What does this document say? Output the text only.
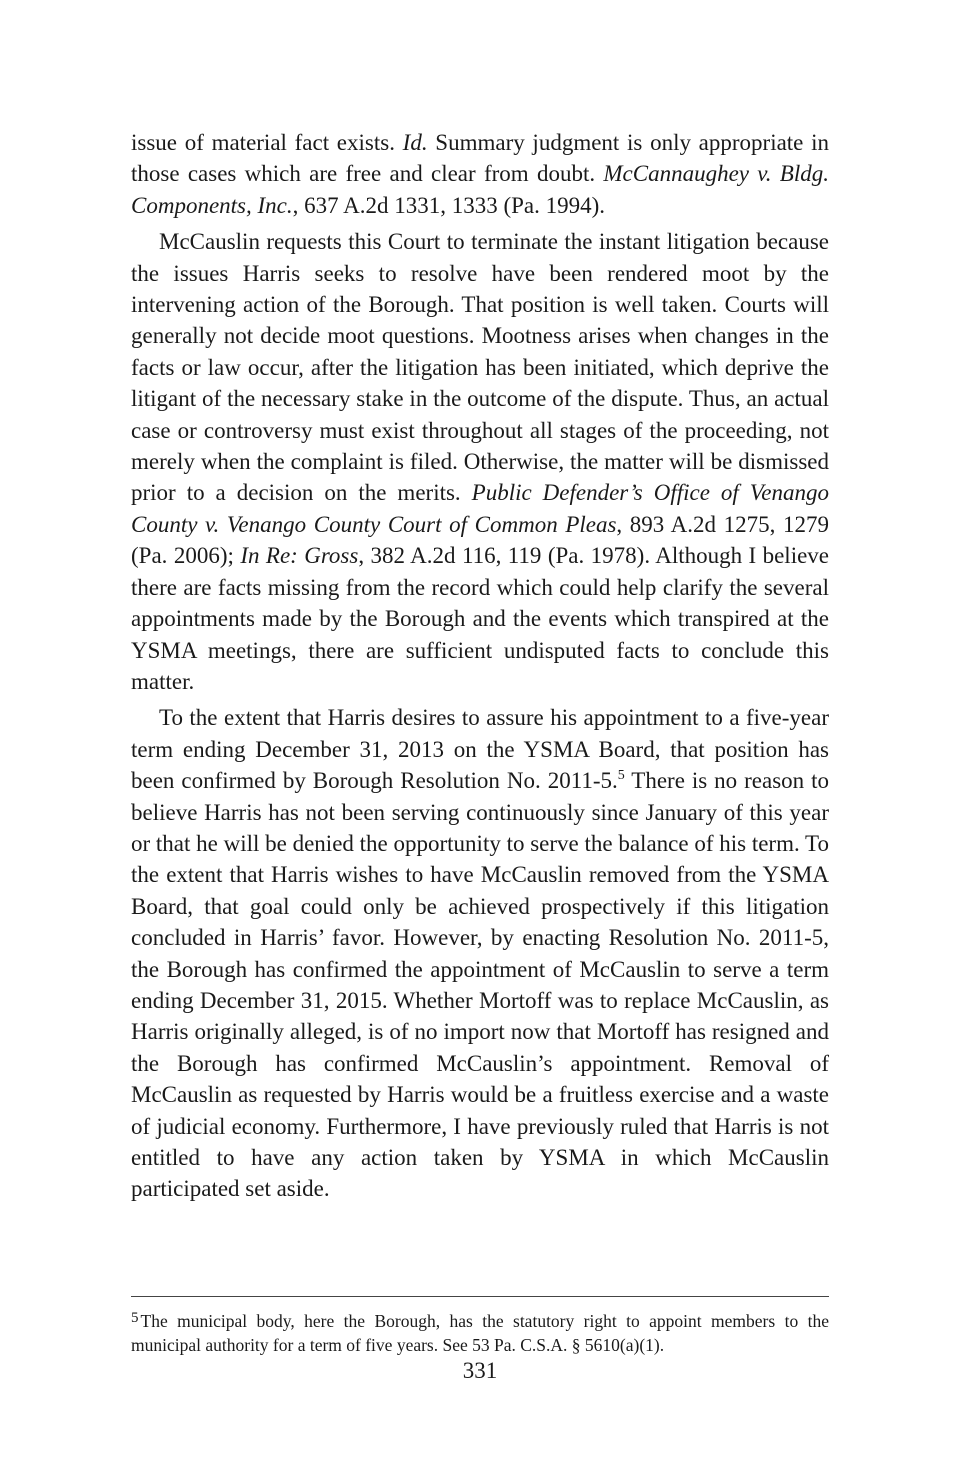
issue of material fact exists. Id. Summary judgment is only appropriate in those cases which are free and clear from doubt. McCannaughey v. Bldg. Components, Inc., 637 A.2d 1331, 1333 (Pa. 1994).

McCauslin requests this Court to terminate the instant litigation because the issues Harris seeks to resolve have been rendered moot by the intervening action of the Borough. That position is well taken. Courts will generally not decide moot questions. Mootness arises when changes in the facts or law occur, after the litigation has been initiated, which deprive the litigant of the necessary stake in the outcome of the dispute. Thus, an actual case or controversy must exist throughout all stages of the proceeding, not merely when the complaint is filed. Otherwise, the matter will be dismissed prior to a decision on the merits. Public Defender’s Office of Venango County v. Venango County Court of Common Pleas, 893 A.2d 1275, 1279 (Pa. 2006); In Re: Gross, 382 A.2d 116, 119 (Pa. 1978). Although I believe there are facts missing from the record which could help clarify the several appointments made by the Borough and the events which transpired at the YSMA meetings, there are sufficient undisputed facts to conclude this matter.

To the extent that Harris desires to assure his appointment to a five-year term ending December 31, 2013 on the YSMA Board, that position has been confirmed by Borough Resolution No. 2011-5.$^5$ There is no reason to believe Harris has not been serving continuously since January of this year or that he will be denied the opportunity to serve the balance of his term. To the extent that Harris wishes to have McCauslin removed from the YSMA Board, that goal could only be achieved prospectively if this litigation concluded in Harris’ favor. However, by enacting Resolution No. 2011-5, the Borough has confirmed the appointment of McCauslin to serve a term ending December 31, 2015. Whether Mortoff was to replace McCauslin, as Harris originally alleged, is of no import now that Mortoff has resigned and the Borough has confirmed McCauslin’s appointment. Removal of McCauslin as requested by Harris would be a fruitless exercise and a waste of judicial economy. Furthermore, I have previously ruled that Harris is not entitled to have any action taken by YSMA in which McCauslin participated set aside.

$^5$ The municipal body, here the Borough, has the statutory right to appoint members to the municipal authority for a term of five years. See 53 Pa. C.S.A. § 5610(a)(1).
331
